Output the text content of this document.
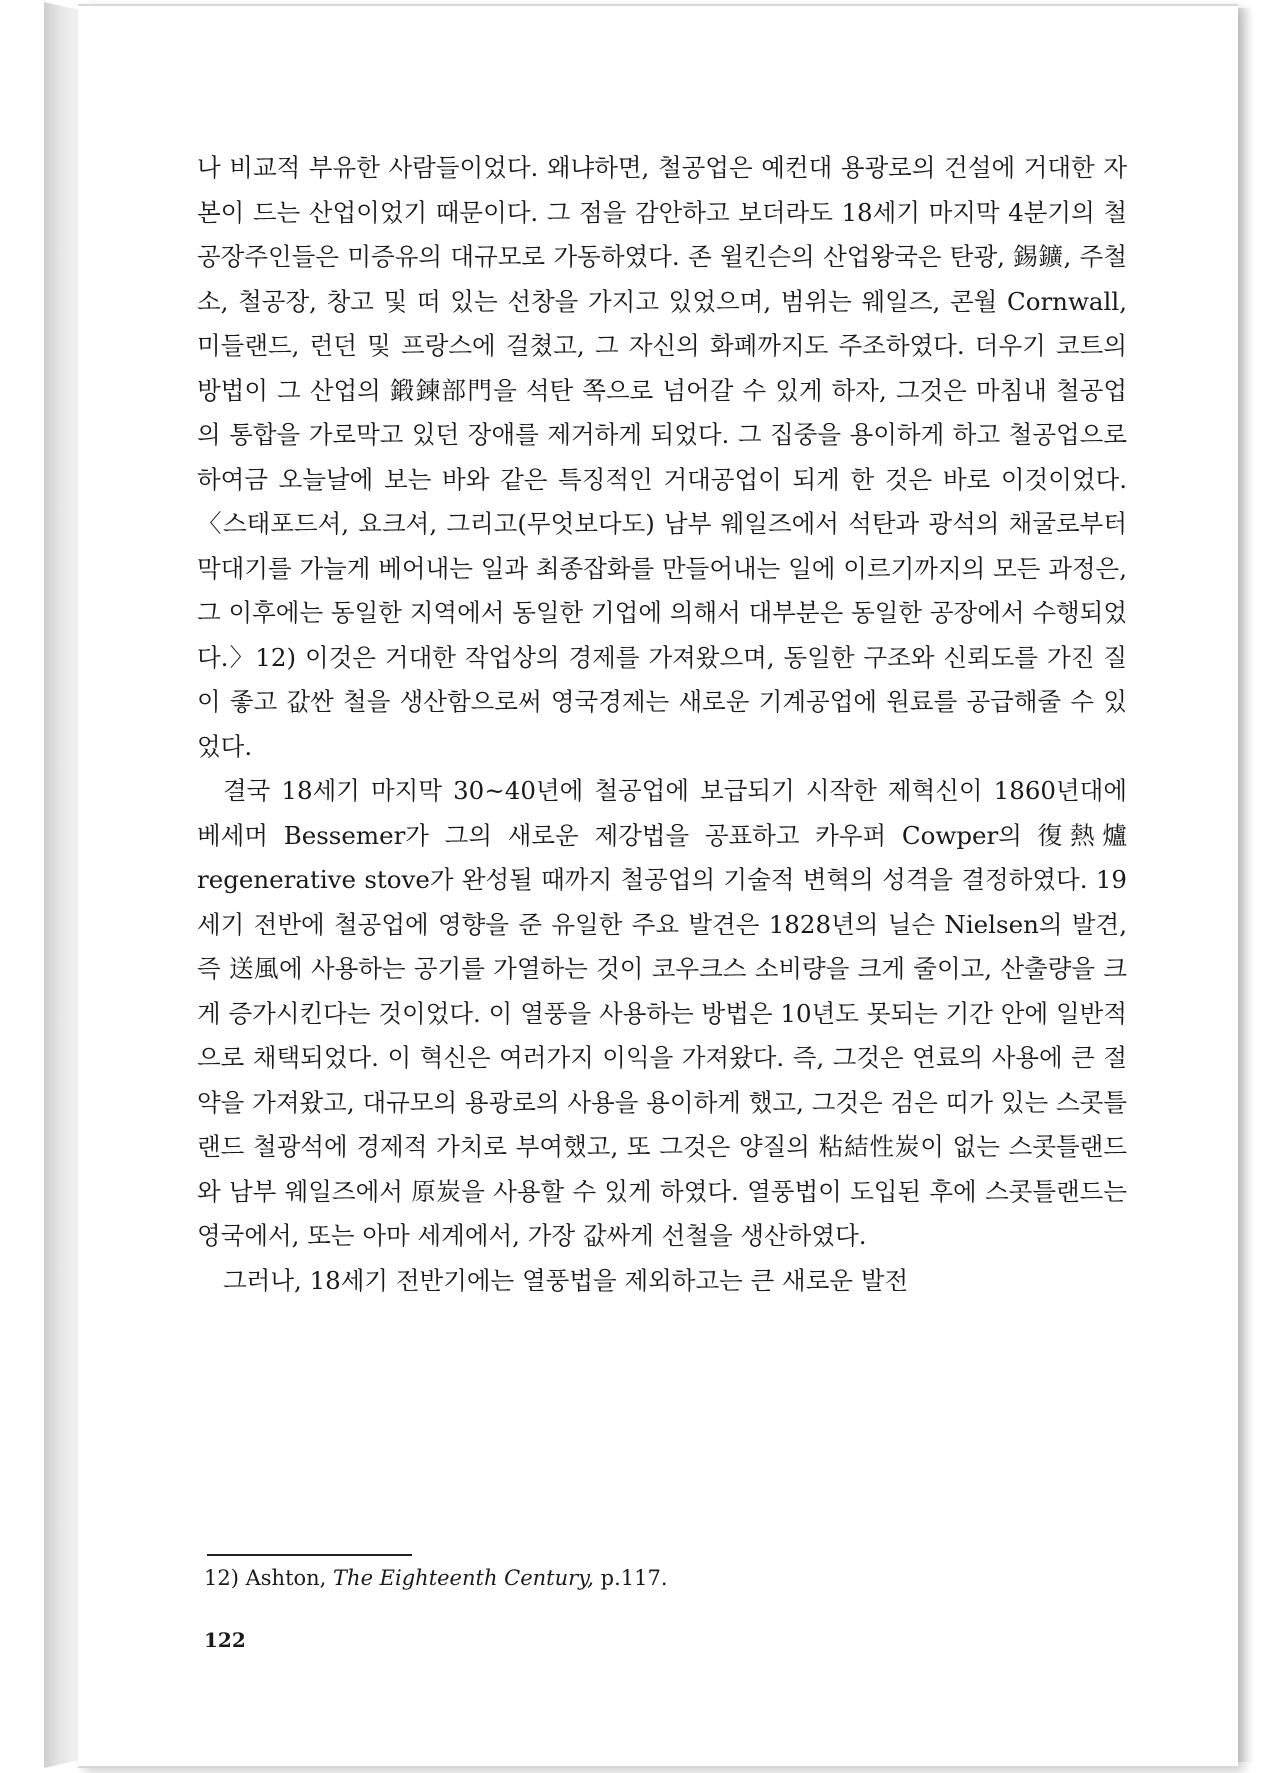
나 비교적 부유한 사람들이었다. 왜냐하면, 철공업은 예컨대 용광로의 건설에 거대한 자본이 드는 산업이었기 때문이다. 그 점을 감안하고 보더라도 18세기 마지막 4분기의 철공장주인들은 미증유의 대규모로 가동하였다. 존 윌킨슨의 산업왕국은 탄광, 錫鑛, 주철소, 철공장, 창고 및 떠 있는 선창을 가지고 있었으며, 범위는 웨일즈, 콘월 Cornwall, 미들랜드, 런던 및 프랑스에 걸쳤고, 그 자신의 화폐까지도 주조하였다. 더우기 코트의 방법이 그 산업의 鍛鍊部門을 석탄 쪽으로 넘어갈 수 있게 하자, 그것은 마침내 철공업의 통합을 가로막고 있던 장애를 제거하게 되었다. 그 집중을 용이하게 하고 철공업으로 하여금 오늘날에 보는 바와 같은 특징적인 거대공업이 되게 한 것은 바로 이것이었다. 〈스태포드셔, 요크셔, 그리고(무엇보다도) 남부 웨일즈에서 석탄과 광석의 채굴로부터 막대기를 가늘게 베어내는 일과 최종잡화를 만들어내는 일에 이르기까지의 모든 과정은, 그 이후에는 동일한 지역에서 동일한 기업에 의해서 대부분은 동일한 공장에서 수행되었다.〉12) 이것은 거대한 작업상의 경제를 가져왔으며, 동일한 구조와 신뢰도를 가진 질이 좋고 값싼 철을 생산함으로써 영국경제는 새로운 기계공업에 원료를 공급해줄 수 있었다.

결국 18세기 마지막 30~40년에 철공업에 보급되기 시작한 제혁신이 1860년대에 베세머 Bessemer가 그의 새로운 제강법을 공표하고 카우퍼 Cowper의 復熱爐 regenerative stove가 완성될 때까지 철공업의 기술적 변혁의 성격을 결정하였다. 19세기 전반에 철공업에 영향을 준 유일한 주요 발견은 1828년의 닐슨 Nielsen의 발견, 즉 送風에 사용하는 공기를 가열하는 것이 코우크스 소비량을 크게 줄이고, 산출량을 크게 증가시킨다는 것이었다. 이 열풍을 사용하는 방법은 10년도 못되는 기간 안에 일반적으로 채택되었다. 이 혁신은 여러가지 이익을 가져왔다. 즉, 그것은 연료의 사용에 큰 절약을 가져왔고, 대규모의 용광로의 사용을 용이하게 했고, 그것은 검은 띠가 있는 스콧틀랜드 철광석에 경제적 가치로 부여했고, 또 그것은 양질의 粘結性炭이 없는 스콧틀랜드와 남부 웨일즈에서 原炭을 사용할 수 있게 하였다. 열풍법이 도입된 후에 스콧틀랜드는 영국에서, 또는 아마 세계에서, 가장 값싸게 선철을 생산하였다.

그러나, 18세기 전반기에는 열풍법을 제외하고는 큰 새로운 발전

12) Ashton, The Eighteenth Century, p.117.
122
